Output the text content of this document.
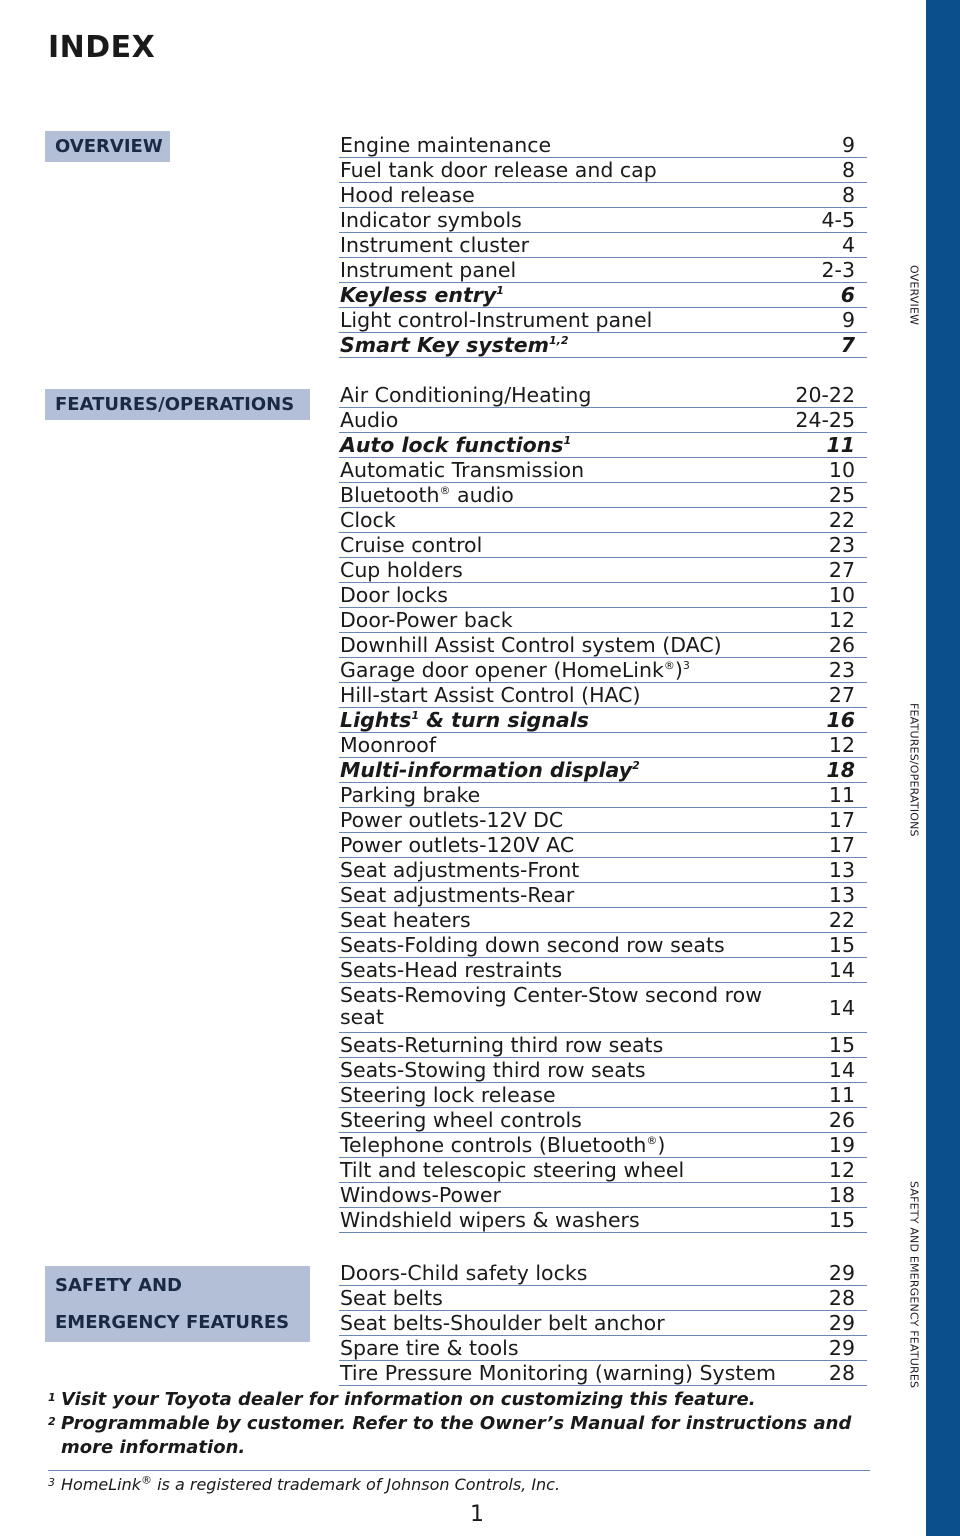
INDEX
OVERVIEW
FEATURES/OPERATIONS
SAFETY AND
EMERGENCY FEATURES
Engine maintenance	9
Fuel tank door release and cap	8
Hood release	8
Indicator symbols	4-5
Instrument cluster	4
Instrument panel	2-3
Keyless entry$^1$	6
Light control-Instrument panel	9
Smart Key system$^{1,2}$	7
Air Conditioning/Heating	20-22
Audio	24-25
Auto lock functions$^1$	11
Automatic Transmission	10
Bluetooth® audio	25
Clock	22
Cruise control	23
Cup holders	27
Door locks	10
Door-Power back	12
Downhill Assist Control system (DAC)	26
Garage door opener (HomeLink®)$^3$	23
Hill-start Assist Control (HAC)	27
Lights$^1$ & turn signals	16
Moonroof	12
Multi-information display$^2$	18
Parking brake	11
Power outlets-12V DC	17
Power outlets-120V AC	17
Seat adjustments-Front	13
Seat adjustments-Rear	13
Seat heaters	22
Seats-Folding down second row seats	15
Seats-Head restraints	14
Seats-Removing Center-Stow second row seat	14
Seats-Returning third row seats	15
Seats-Stowing third row seats	14
Steering lock release	11
Steering wheel controls	26
Telephone controls (Bluetooth®)	19
Tilt and telescopic steering wheel	12
Windows-Power	18
Windshield wipers & washers	15
Doors-Child safety locks	29
Seat belts	28
Seat belts-Shoulder belt anchor	29
Spare tire & tools	29
Tire Pressure Monitoring (warning) System	28
1 Visit your Toyota dealer for information on customizing this feature.
2 Programmable by customer. Refer to the Owner’s Manual for instructions and more information.
3 HomeLink® is a registered trademark of Johnson Controls, Inc.
1
OVERVIEW
FEATURES/OPERATIONS
SAFETY AND EMERGENCY FEATURES
